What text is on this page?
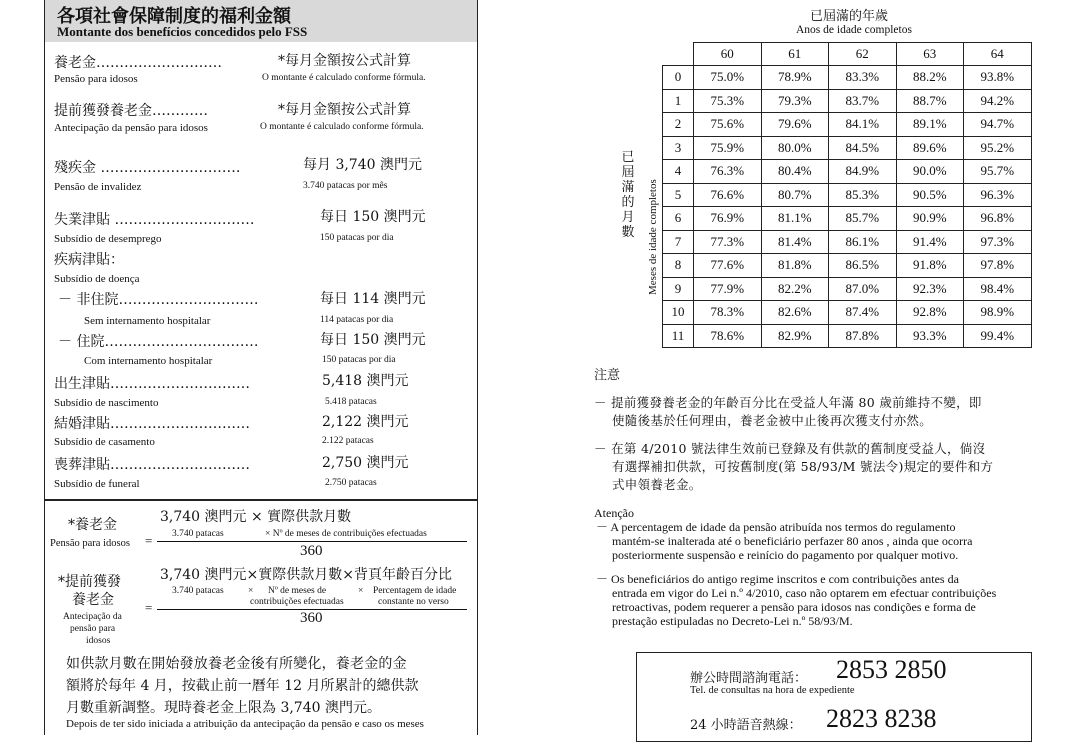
各項社會保障制度的福利金額
Montante dos benefícios concedidos pelo FSS
養老金………………………
Pensão para idosos
*每月金額按公式計算
O montante é calculado conforme fórmula.
提前獲發養老金…………
Antecipação da pensão para idosos
*每月金額按公式計算
O montante é calculado conforme fórmula.
殘疾金 …………………………
Pensão de invalidez
每月 3,740 澳門元
3.740 patacas por mês
失業津貼 …………………………
Subsídio de desemprego
每日 150 澳門元
150 patacas por dia
疾病津貼：
Subsídio de doença
－ 非住院…………………………
Sem internamento hospitalar
每日 114 澳門元
114 patacas por dia
－ 住院……………………………
Com internamento hospitalar
每日 150 澳門元
150 patacas por dia
出生津貼…………………………
Subsídio de nascimento
5,418 澳門元
5.418 patacas
結婚津貼…………………………
Subsídio de casamento
2,122 澳門元
2.122 patacas
喪葬津貼…………………………
Subsídio de funeral
2,750 澳門元
2.750 patacas
*養老金
Pensão para idosos =
3,740 澳門元 × 實際供款月數
3.740 patacas	× Nº de meses de contribuições efectuadas
360
*提前獲發
養老金
Antecipação da
pensão para
idosos
=
3,740 澳門元×實際供款月數×背頁年齡百分比
3.740 patacas	× Nº de meses de
contribuições efectuadas
× Percentagem de idade
constante no verso
360
如供款月數在開始發放養老金後有所變化，養老金的金
額將於每年 4 月，按截止前一曆年 12 月所累計的總供款
月數重新調整。現時養老金上限為 3,740 澳門元。
Depois de ter sido iniciada a atribuição da antecipação da pensão e caso os meses
已屆滿的年歲
Anos de idade completos
已
屆
滿
的
月
數 Meses de idade completos
	60	61	62	63	64
0	75.0%	78.9%	83.3%	88.2%	93.8%
1	75.3%	79.3%	83.7%	88.7%	94.2%
2	75.6%	79.6%	84.1%	89.1%	94.7%
3	75.9%	80.0%	84.5%	89.6%	95.2%
4	76.3%	80.4%	84.9%	90.0%	95.7%
5	76.6%	80.7%	85.3%	90.5%	96.3%
6	76.9%	81.1%	85.7%	90.9%	96.8%
7	77.3%	81.4%	86.1%	91.4%	97.3%
8	77.6%	81.8%	86.5%	91.8%	97.8%
9	77.9%	82.2%	87.0%	92.3%	98.4%
10	78.3%	82.6%	87.4%	92.8%	98.9%
11	78.6%	82.9%	87.8%	93.3%	99.4%
注意
－ 提前獲發養老金的年齡百分比在受益人年滿 80 歲前維持不變，即
使隨後基於任何理由，養老金被中止後再次獲支付亦然。
－ 在第 4/2010 號法律生效前已登錄及有供款的舊制度受益人，倘沒
有選擇補扣供款，可按舊制度(第 58/93/M 號法令)規定的要件和方
式申領養老金。
Atenção
－ A percentagem de idade da pensão atribuída nos termos do regulamento
mantém-se inalterada até o beneficiário perfazer 80 anos , ainda que ocorra
posteriormente suspensão e reinício do pagamento por qualquer motivo.
－ Os beneficiários do antigo regime inscritos e com contribuições antes da
entrada em vigor do Lei n.º 4/2010, caso não optarem em efectuar contribuições
retroactivas, podem requerer a pensão para idosos nas condições e forma de
prestação estipuladas no Decreto-Lei n.º 58/93/M.
辦公時間諮詢電話： 2853 2850
Tel. de consultas na hora de expediente
24 小時語音熱線： 2823 8238
